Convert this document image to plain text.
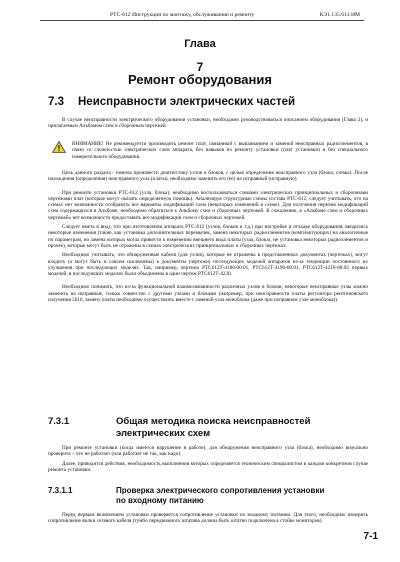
РТС-612 Инструкции по монтажу, обслуживанию и ремонту	КЭ1.135.613 ИМ
Глава
7
Ремонт оборудования
7.3 Неисправности электрических частей

В случае неисправности электрического оборудования установки, необходимо руководствоваться описанием оборудования (Глава 2), и прилагаемым Альбомом схем и сборочным чертежей.

ВНИМАНИЕ! Не рекомендуется производить ремонт плат, связанный с выпаиванием и заменой неисправных радиоэлементов, в связи со сложностью электрических схем аппарата, без навыков по ремонту установки (плат установки) и без специального измерительного оборудования.

Цель данного раздела - помочь произвести диагностику узлов и блоков, с целью определения неисправного узла (блока, схемы). После нахождения (определения) неисправного узла (платы), необходимо заменить его (ее) на исправный (исправную).

При ремонте установки РТС-612 (узла, блока), необходимо воспользоваться схемами электрических принципиальных и сборочными чертежами плат (которые могут оказать определенную помощь). Анализируя структурные схемы состава РТС-612, следует учитывать, что на схемах нет возможности отобразить все варианты модификаций схем (некоторых изменений в схеме). Для получения перечня модификаций схем содержащихся в Альбоме, необходимо обратиться к Альбому схем и сборочных чертежей. К сожалению, в «Альбоме схем и сборочных чертежей» нет возможности предоставить все модификации схем и сборочных чертежей.

Следует иметь в виду, что при изготовлении аппарата РТС-612 (узлов, блоков и т.д.) при настройке и отладке оборудования, вводились некоторые изменения (такие, как установка дополнительных перемычек, замена некоторых радиоэлементов (комплектующих) на аналогичные по параметрам, но замена которых могла привести к изменению внешнего вида платы (узла, блока), не установка некоторых радиоэлементов и прочее), которые могут быть не отражены в схемах электрических принципиальных и сборочных чертежах.

Необходимо учитывать, что обнаруженные кабели (для узлов), которые не отражены в представленных документах (чертежах), могут входить (а могут быть и совсем исключены) в документы (чертежи) последующих моделей аппаратов из-за тенденции постоянного их улучшения при последующих моделях. Так, например, чертежи РТС612Т-4180-00.01, РТС612Т-4190-00.01, РТС612Т-4210-00.02 первых моделей, в последующих моделях были объединены в один чертеж РТС612Т-4220.

Необходимо понимать, что из-за функциональной взаимосвязанности различных узлов и блоков, некоторые неисправные узлы можно заменить на исправные, только совместно с другими узлами и блоками (например, при неисправности платы регулятора рентгеновского излучения 5010, замену платы необходимо осуществлять вместе с заменой узла моноблока (даже при исправном узле моноблока)).

7.3.1	Общая методика поиска неисправностей
электрических схем

При ремонте установки (когда имеется нарушение в работе), для обнаружения неисправного узла (блока), необходимо визуально проверить – что не работает (или работает не так, как надо).

Далее, приводится действия, необходимость выполнения которых определяется техническим специалистом в каждом конкретном случае ремонта установки.

7.3.1.1	Проверка электрического сопротивления установки
по входному питанию

Перед первым включением установки проверяется сопротивление установки по входному питанию. Для этого, необходимо измерить сопротивление вилки сетевого кабеля (тумбо передвижного штатива должна быть штатно подключена к стойке мониторов).

7-1
